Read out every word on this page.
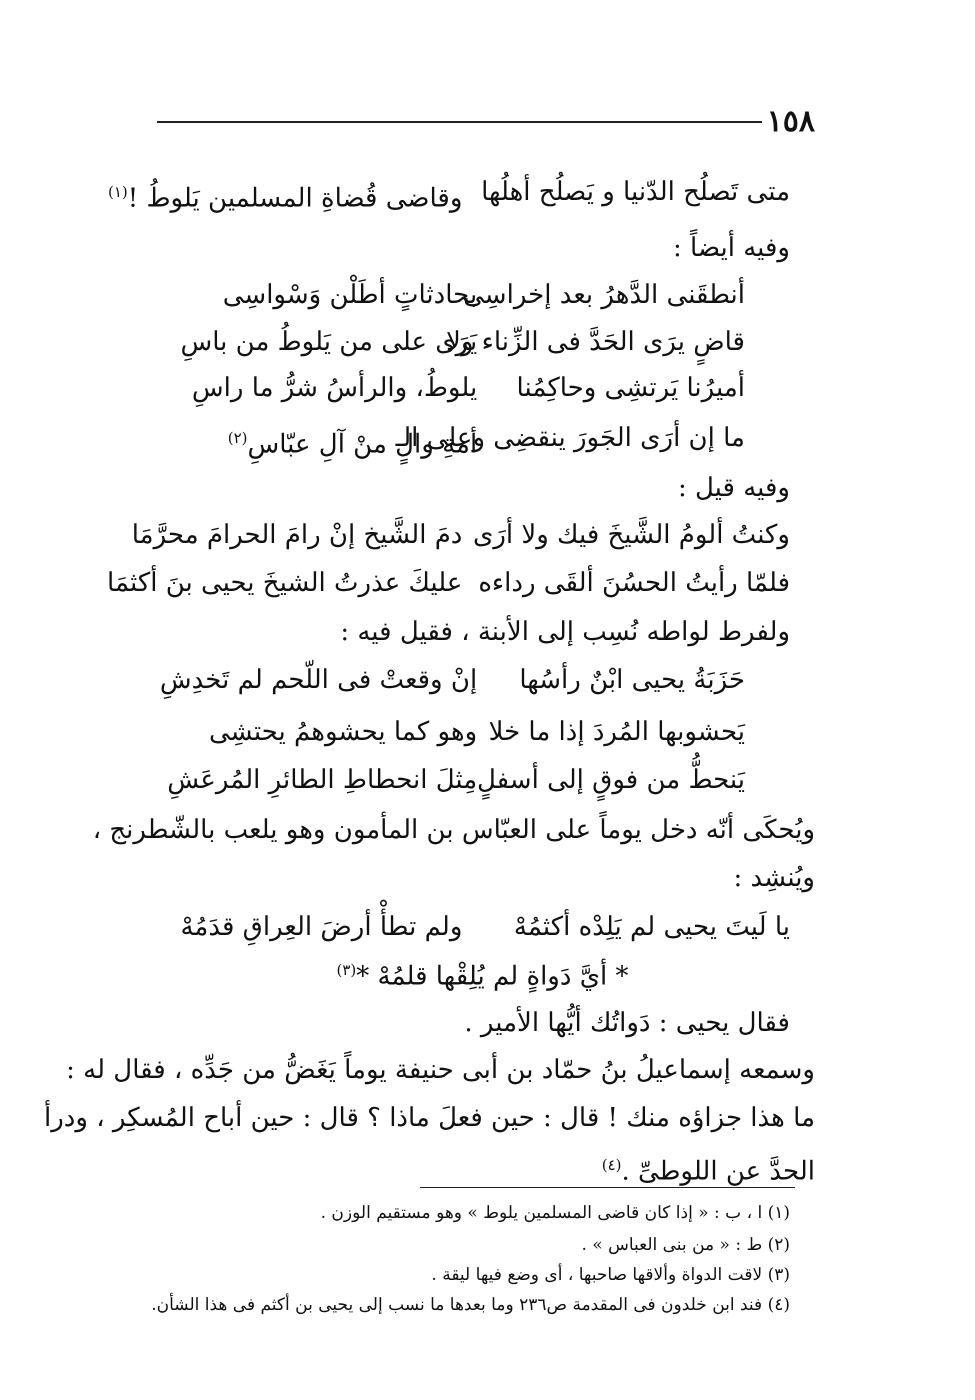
١٥٨
متى تَصلُح الدّنيا و يَصلُح أهلُها
وقاضى قُضاةِ المسلمين يَلوطُ !$^{(١)}$
وفيه أيضاً :
أنطقَنى الدَّهرُ بعد إخراسِى
بحادثاتٍ أطَلْن وَسْواسِى
قاضٍ يرَى الحَدَّ فى الزِّناء ولا
يَرَى على من يَلوطُ من باسِ
أميرُنا يَرتشِى وحاكِمُنا
يلوطُ، والرأسُ شرُّ ما راسِ
ما إن أرَى الجَورَ ينقضِى وعلى الـ
أمةِ والٍ منْ آلِ عبّاسِ$^{(٢)}$
وفيه قيل :
وكنتُ ألومُ الشَّيخَ فيك ولا أرَى
دمَ الشَّيخ إنْ رامَ الحرامَ محرَّمَا
فلمّا رأيتُ الحسُنَ ألقَى رداءه
عليكَ عذرتُ الشيخَ يحيى بنَ أكثمَا
ولفرط لواطه نُسِب إلى الأبنة ، فقيل فيه :
حَزَبَةُ يحيى ابْنٌ رأسُها
إنْ وقعتْ فى اللّحم لم تَخدِشِ
يَحشوبها المُردَ إذا ما خلا
وهو كما يحشوهمُ يحتشِى
يَنحطُّ من فوقٍ إلى أسفلٍ
مِثلَ انحطاطِ الطائرِ المُرعَشِ
ويُحكَى أنّه دخل يوماً على العبّاس بن المأمون وهو يلعب بالشّطرنج ،
ويُنشِد :
يا لَيتَ يحيى لم يَلِدْه أكثمُهْ
ولم تطأْ أرضَ العِراقِ قدَمُهْ
* أيَّ دَواةٍ لم يُلِقْها قلمُهْ *$^{(٣)}$
فقال يحيى : دَواتُك أيُّها الأمير .
وسمعه إسماعيلُ بنُ حمّاد بن أبى حنيفة يوماً يَغَضُّ من جَدِّه ، فقال له :
ما هذا جزاؤه منك ! قال : حين فعلَ ماذا ؟ قال : حين أباح المُسكِر ، ودرأ
الحدَّ عن اللوطىِّ .$^{(٤)}$
(١) ا ، ب : « إذا كان قاضى المسلمين يلوط » وهو مستقيم الوزن .
(٢) ط : « من بنى العباس » .
(٣) لاقت الدواة وألاقها صاحبها ، أى وضع فيها ليقة .
(٤) فند ابن خلدون فى المقدمة ص٢٣٦ وما بعدها ما نسب إلى يحيى بن أكثم فى هذا الشأن.
